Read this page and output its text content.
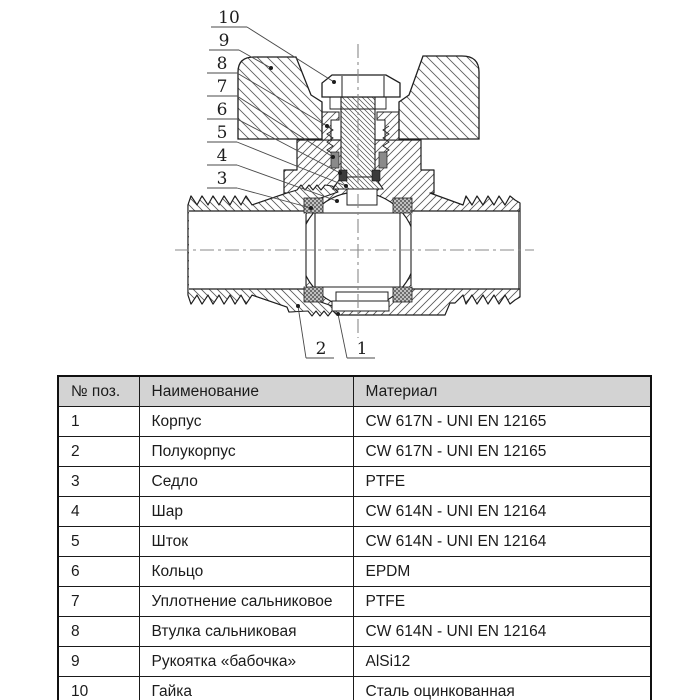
10
9
8
7
6
5
4
3
2 1
№ поз.	Наименование	Материал
1	Корпус	CW 617N - UNI EN 12165
2	Полукорпус	CW 617N - UNI EN 12165
3	Седло	PTFE
4	Шар	CW 614N - UNI EN 12164
5	Шток	CW 614N - UNI EN 12164
6	Кольцо	EPDM
7	Уплотнение сальниковое	PTFE
8	Втулка сальниковая	CW 614N - UNI EN 12164
9	Рукоятка «бабочка»	AlSi12
10	Гайка	Сталь оцинкованная
